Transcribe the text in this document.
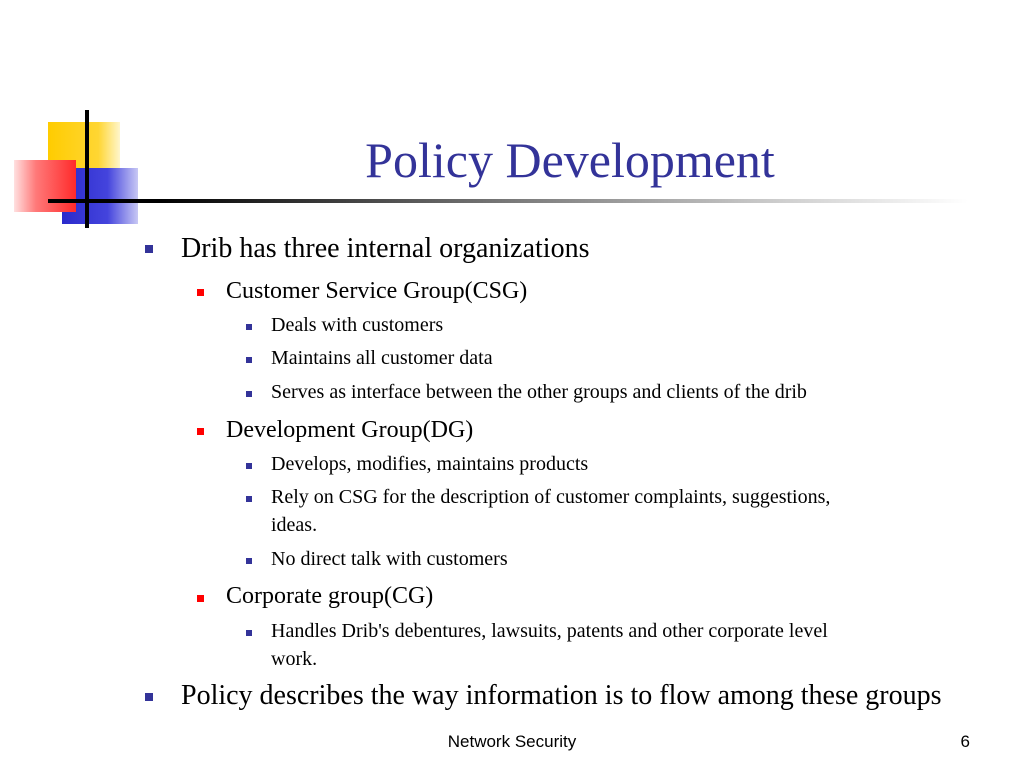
Policy Development
Drib has three internal organizations
Customer Service Group(CSG)
Deals with customers
Maintains all customer data
Serves as interface between the other groups and clients of the drib
Development Group(DG)
Develops, modifies, maintains products
Rely on CSG for the description of customer complaints, suggestions,
ideas.
No direct talk with customers
Corporate group(CG)
Handles Drib's debentures, lawsuits, patents and other corporate level
work.
Policy describes the way information is to flow among these groups
Network Security	6
